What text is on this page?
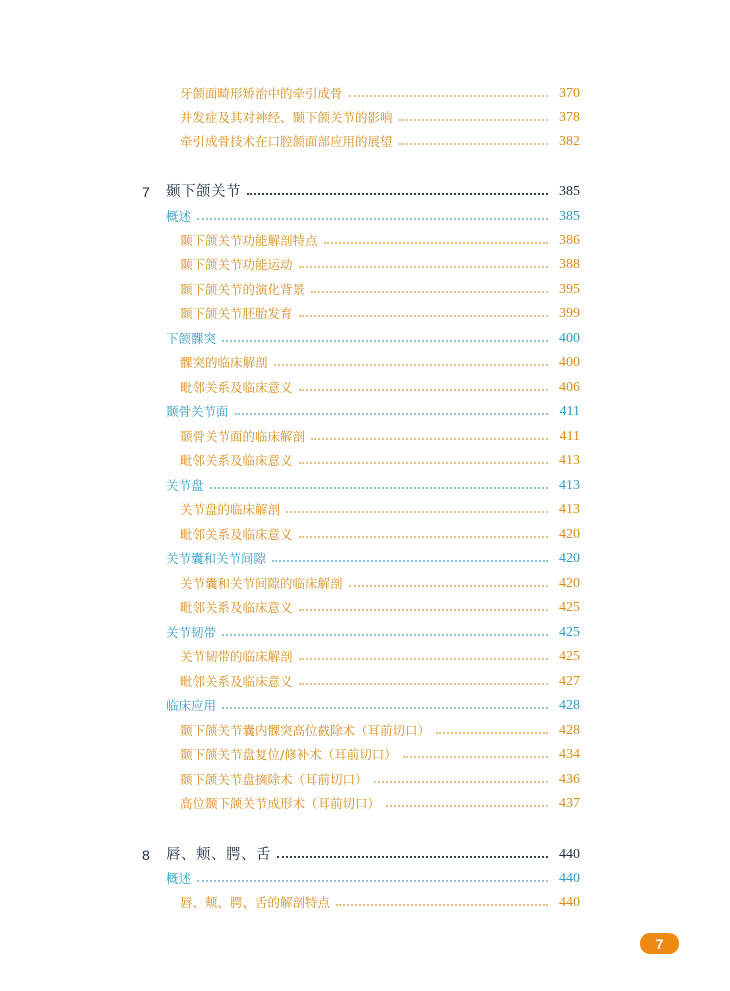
牙颌面畸形矫治中的牵引成骨	370
并发症及其对神经、颞下颌关节的影响	378
牵引成骨技术在口腔颌面部应用的展望	382
7	颞下颌关节	385
概述	385
颞下颌关节功能解剖特点	386
颞下颌关节功能运动	388
颞下颌关节的演化背景	395
颞下颌关节胚胎发育	399
下颌髁突	400
髁突的临床解剖	400
毗邻关系及临床意义	406
颞骨关节面	411
颞骨关节面的临床解剖	411
毗邻关系及临床意义	413
关节盘	413
关节盘的临床解剖	413
毗邻关系及临床意义	420
关节囊和关节间隙	420
关节囊和关节间隙的临床解剖	420
毗邻关系及临床意义	425
关节韧带	425
关节韧带的临床解剖	425
毗邻关系及临床意义	427
临床应用	428
颞下颌关节囊内髁突高位截除术（耳前切口）	428
颞下颌关节盘复位/修补术（耳前切口）	434
颞下颌关节盘摘除术（耳前切口）	436
高位颞下颌关节成形术（耳前切口）	437
8	唇、颊、腭、舌	440
概述	440
唇、颊、腭、舌的解剖特点	440
7
